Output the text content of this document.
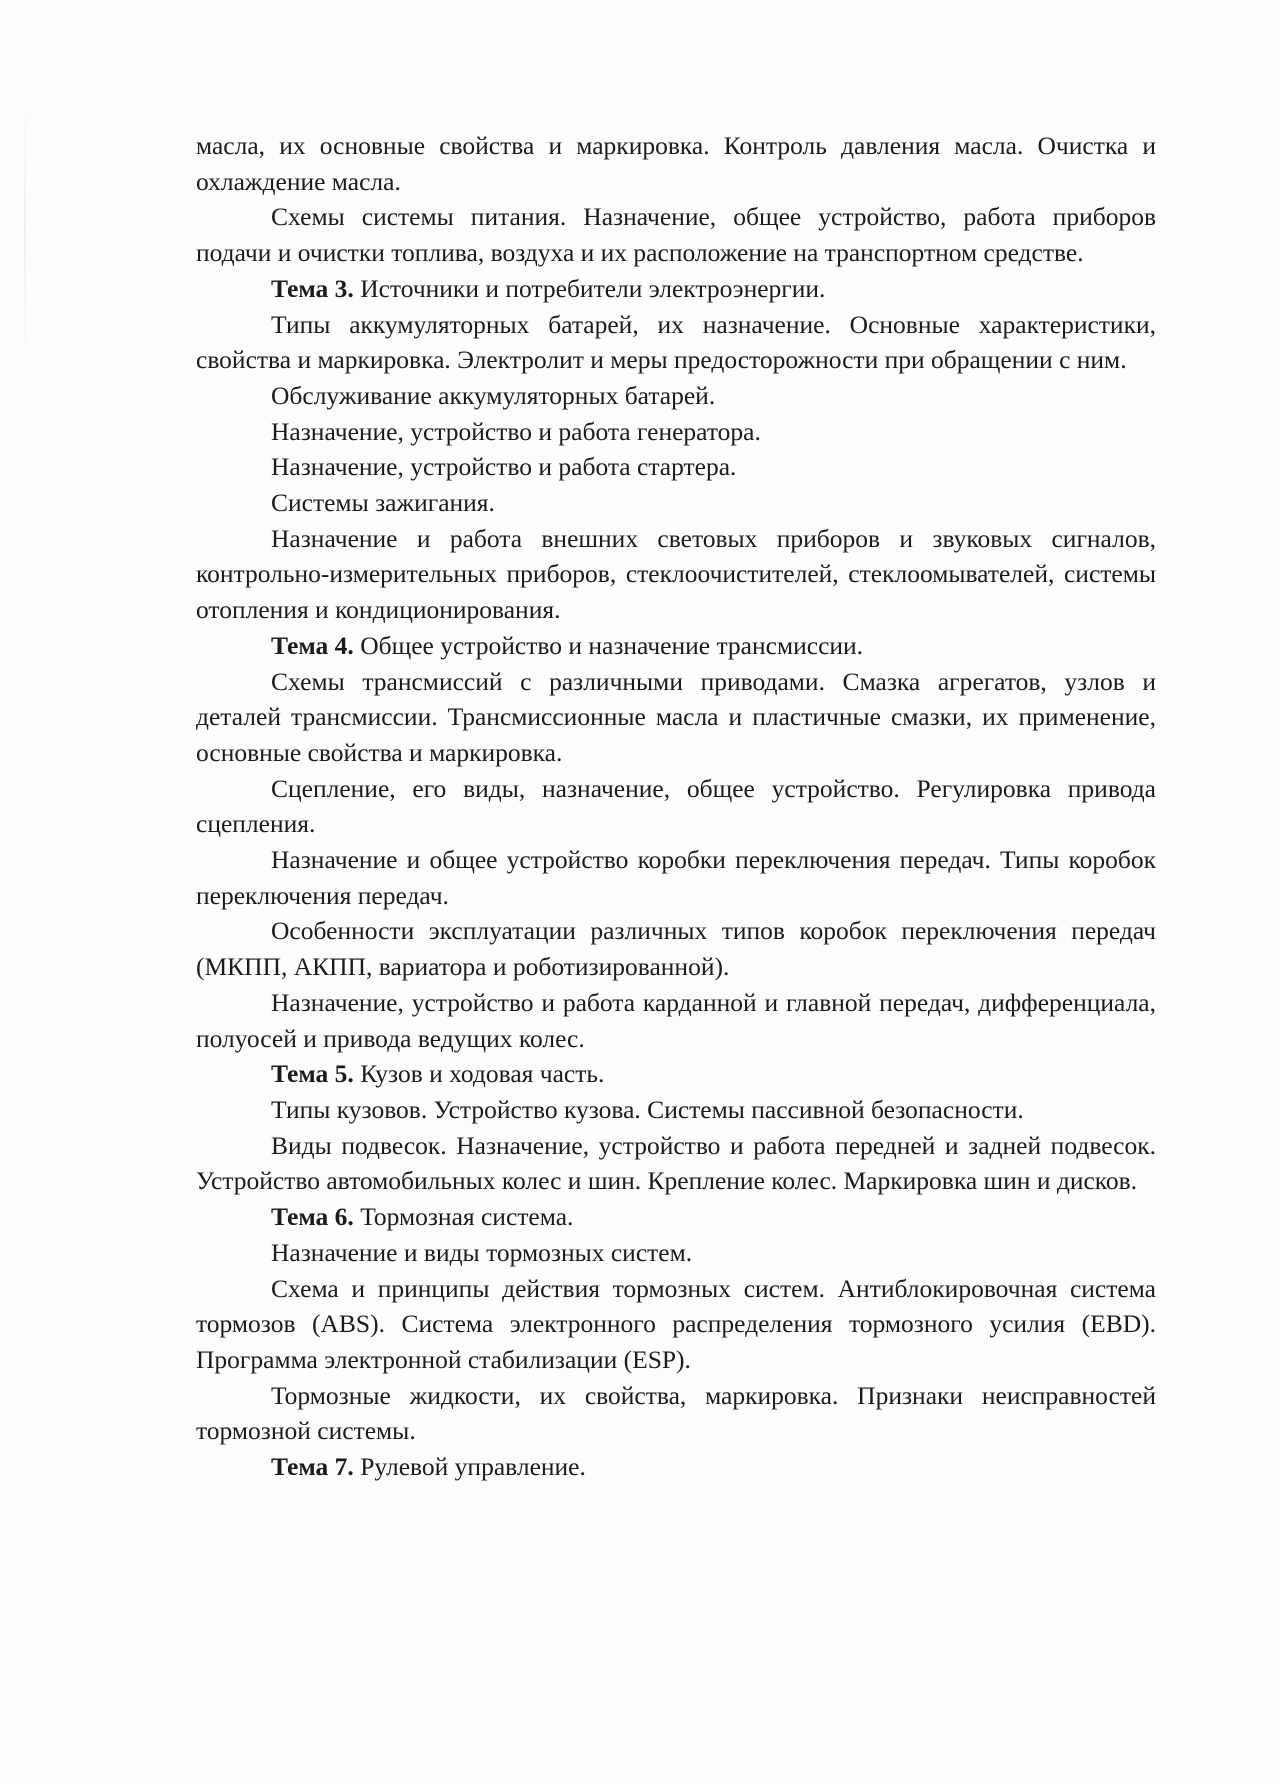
масла, их основные свойства и маркировка. Контроль давления масла. Очистка и охлаждение масла.

Схемы системы питания. Назначение, общее устройство, работа приборов подачи и очистки топлива, воздуха и их расположение на транспортном средстве.

Тема 3. Источники и потребители электроэнергии.

Типы аккумуляторных батарей, их назначение. Основные характеристики, свойства и маркировка. Электролит и меры предосторожности при обращении с ним.

Обслуживание аккумуляторных батарей.

Назначение, устройство и работа генератора.

Назначение, устройство и работа стартера.

Системы зажигания.

Назначение и работа внешних световых приборов и звуковых сигналов, контрольно-измерительных приборов, стеклоочистителей, стеклоомывателей, системы отопления и кондиционирования.

Тема 4. Общее устройство и назначение трансмиссии.

Схемы трансмиссий с различными приводами. Смазка агрегатов, узлов и деталей трансмиссии. Трансмиссионные масла и пластичные смазки, их применение, основные свойства и маркировка.

Сцепление, его виды, назначение, общее устройство. Регулировка привода сцепления.

Назначение и общее устройство коробки переключения передач. Типы коробок переключения передач.

Особенности эксплуатации различных типов коробок переключения передач (МКПП, АКПП, вариатора и роботизированной).

Назначение, устройство и работа карданной и главной передач, дифференциала, полуосей и привода ведущих колес.

Тема 5. Кузов и ходовая часть.

Типы кузовов. Устройство кузова. Системы пассивной безопасности.

Виды подвесок. Назначение, устройство и работа передней и задней подвесок. Устройство автомобильных колес и шин. Крепление колес. Маркировка шин и дисков.

Тема 6. Тормозная система.

Назначение и виды тормозных систем.

Схема и принципы действия тормозных систем. Антиблокировочная система тормозов (ABS). Система электронного распределения тормозного усилия (EBD). Программа электронной стабилизации (ESP).

Тормозные жидкости, их свойства, маркировка. Признаки неисправностей тормозной системы.

Тема 7. Рулевой управление.
